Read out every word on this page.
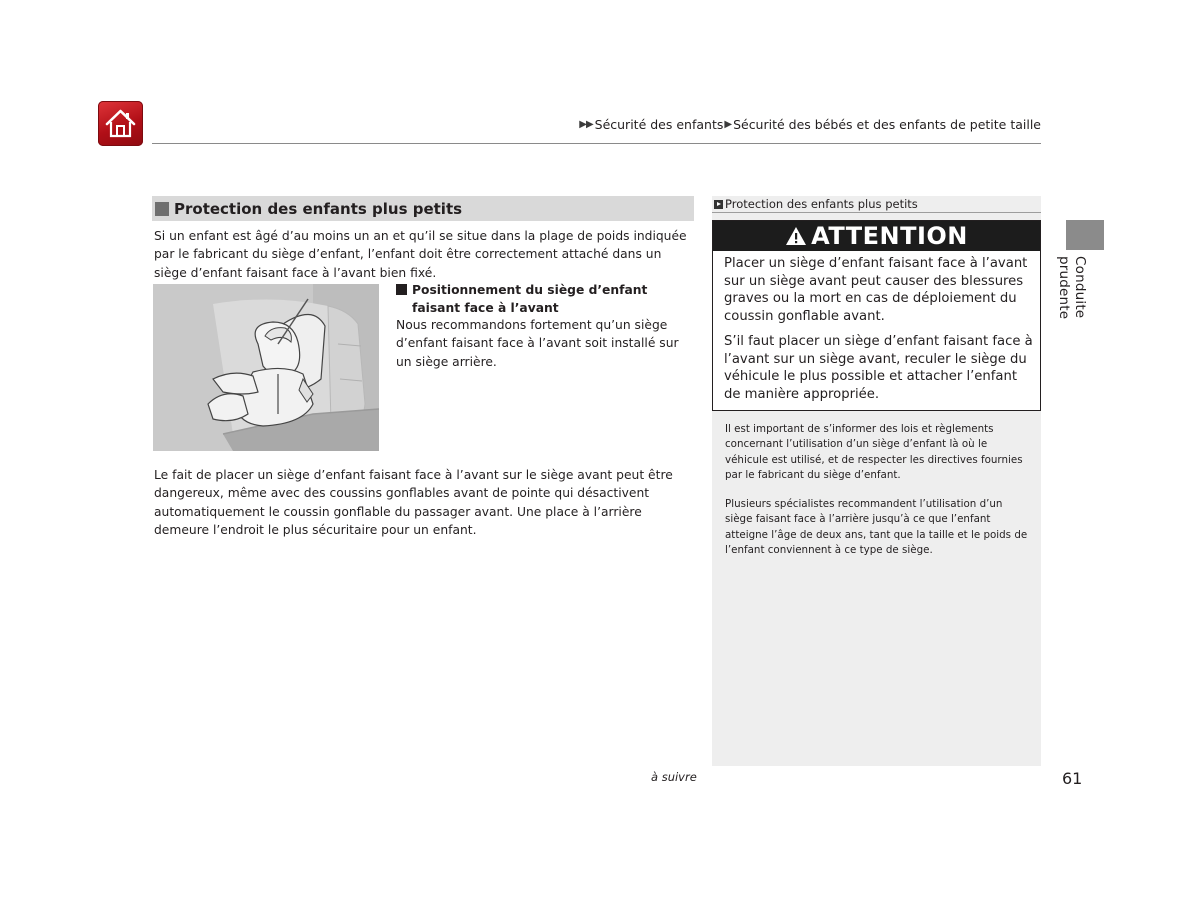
▶▶ Sécurité des enfants ▶ Sécurité des bébés et des enfants de petite taille
Conduite prudente
Protection des enfants plus petits
Si un enfant est âgé d’au moins un an et qu’il se situe dans la plage de poids indiquée par le fabricant du siège d’enfant, l’enfant doit être correctement attaché dans un siège d’enfant faisant face à l’avant bien fixé.
Positionnement du siège d’enfant faisant face à l’avant
Nous recommandons fortement qu’un siège d’enfant faisant face à l’avant soit installé sur un siège arrière.
Le fait de placer un siège d’enfant faisant face à l’avant sur le siège avant peut être dangereux, même avec des coussins gonflables avant de pointe qui désactivent automatiquement le coussin gonflable du passager avant. Une place à l’arrière demeure l’endroit le plus sécuritaire pour un enfant.
Protection des enfants plus petits
ATTENTION
Placer un siège d’enfant faisant face à l’avant sur un siège avant peut causer des blessures graves ou la mort en cas de déploiement du coussin gonflable avant.
S’il faut placer un siège d’enfant faisant face à l’avant sur un siège avant, reculer le siège du véhicule le plus possible et attacher l’enfant de manière appropriée.
Il est important de s’informer des lois et règlements concernant l’utilisation d’un siège d’enfant là où le véhicule est utilisé, et de respecter les directives fournies par le fabricant du siège d’enfant.
Plusieurs spécialistes recommandent l’utilisation d’un siège faisant face à l’arrière jusqu’à ce que l’enfant atteigne l’âge de deux ans, tant que la taille et le poids de l’enfant conviennent à ce type de siège.
à suivre	61
